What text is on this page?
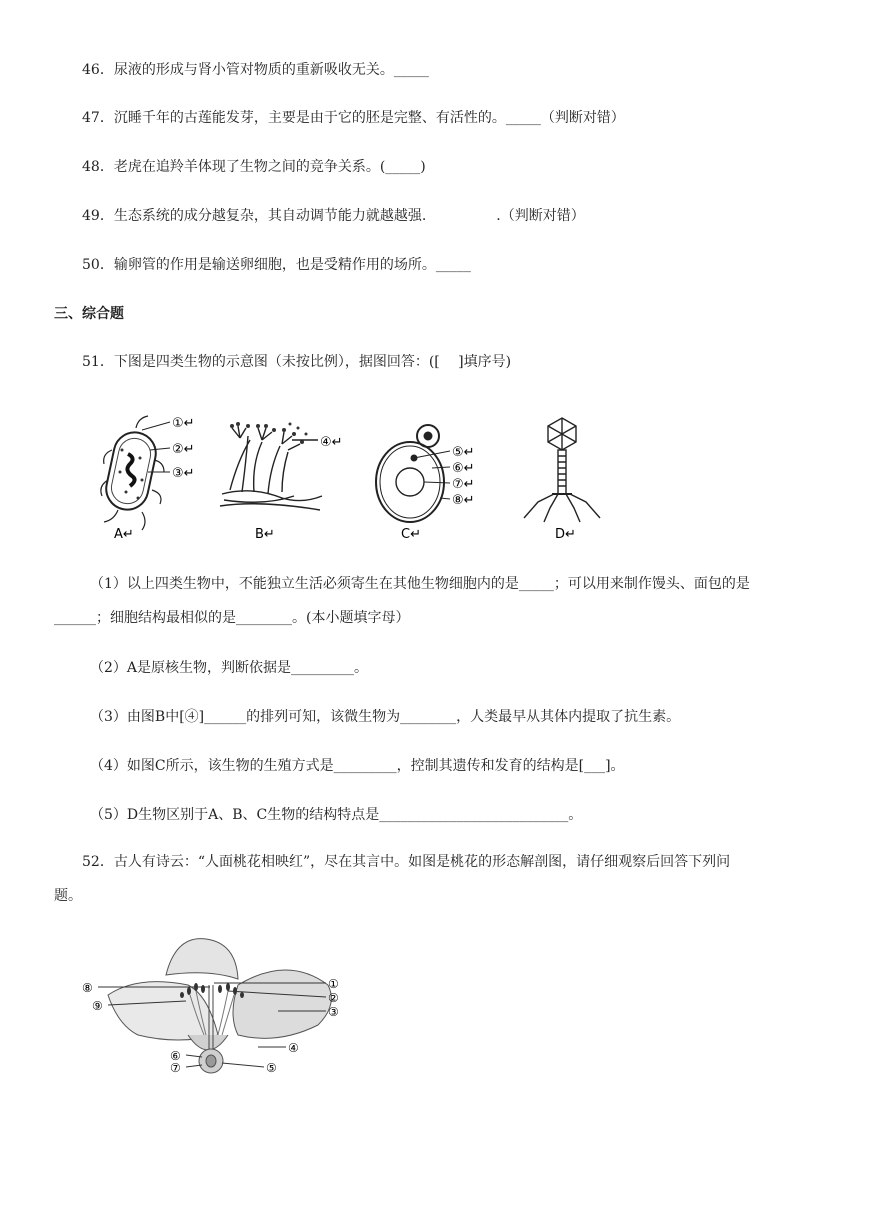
46．尿液的形成与肾小管对物质的重新吸收无关。_____
47．沉睡千年的古莲能发芽，主要是由于它的胚是完整、有活性的。_____（判断对错）
48．老虎在追羚羊体现了生物之间的竞争关系。(_____)
49．生态系统的成分越复杂，其自动调节能力就越越强.　　　　　.（判断对错）
50．输卵管的作用是输送卵细胞，也是受精作用的场所。_____
三、综合题
51．下图是四类生物的示意图（未按比例），据图回答：([　 ]填序号)
①↵
②↵
③↵
A↵
④↵
B↵
⑤↵
⑥↵
⑦↵
⑧↵
C↵	D↵
（1）以上四类生物中，不能独立生活必须寄生在其他生物细胞内的是_____；可以用来制作馒头、面包的是
______；细胞结构最相似的是________。(本小题填字母）
（2）A是原核生物，判断依据是_________。
（3）由图B中[④]______的排列可知，该微生物为________，人类最早从其体内提取了抗生素。
（4）如图C所示，该生物的生殖方式是_________，控制其遗传和发育的结构是[___]。
（5）D生物区别于A、B、C生物的结构特点是___________________________。
52．古人有诗云：“人面桃花相映红”，尽在其言中。如图是桃花的形态解剖图，请仔细观察后回答下列问
题。
⑧
⑨
①
②
③
④
⑤
⑥
⑦
